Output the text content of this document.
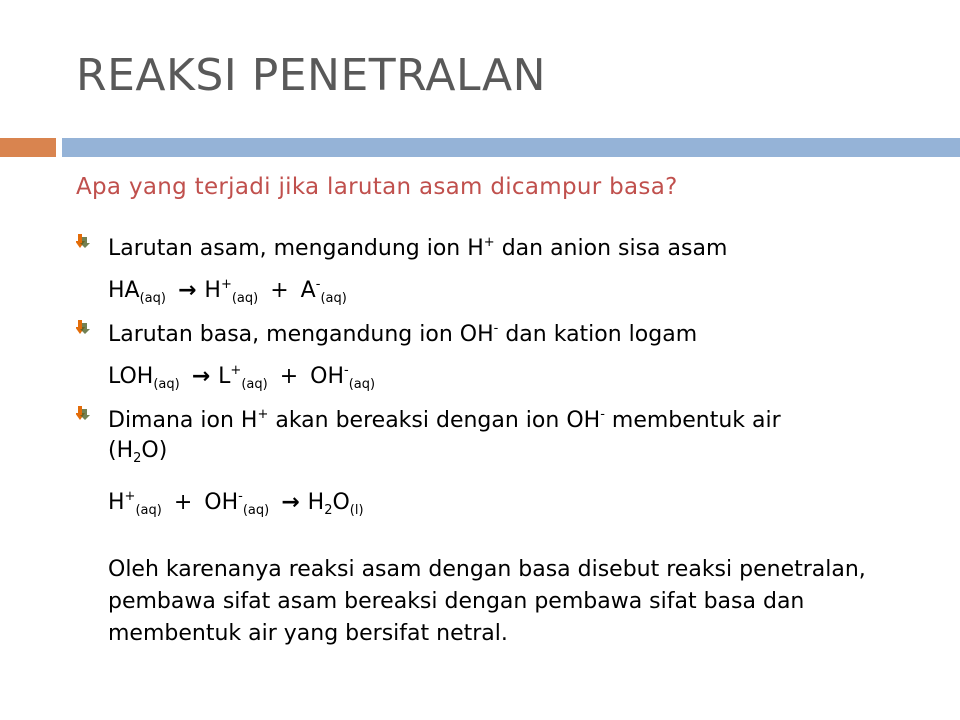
REAKSI PENETRALAN
Apa yang terjadi jika larutan asam dicampur basa?
Larutan asam, mengandung ion H+ dan anion sisa asam
$HA_{(aq)} \to H^+_{(aq)} + A^-_{(aq)}$
Larutan basa, mengandung ion OH- dan kation logam
$LOH_{(aq)} \to L^+_{(aq)} + OH^-_{(aq)}$
Dimana ion H+ akan bereaksi dengan ion OH- membentuk air
$(H_2O)$
$H^+_{(aq)} + OH^-_{(aq)} \to H_2O_{(l)}$
Oleh karenanya reaksi asam dengan basa disebut reaksi penetralan, pembawa sifat asam bereaksi dengan pembawa sifat basa dan membentuk air yang bersifat netral.
